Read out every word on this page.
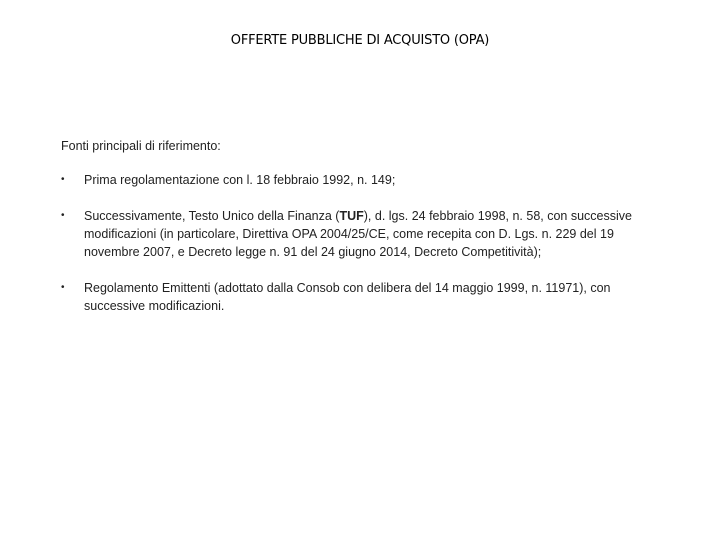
OFFERTE PUBBLICHE DI ACQUISTO (OPA)
Fonti principali di riferimento:
• Prima regolamentazione con l. 18 febbraio 1992, n. 149;
• Successivamente, Testo Unico della Finanza (TUF), d. lgs. 24 febbraio 1998, n. 58, con successive modificazioni (in particolare, Direttiva OPA 2004/25/CE, come recepita con D. Lgs. n. 229 del 19 novembre 2007, e Decreto legge n. 91 del 24 giugno 2014, Decreto Competitività);
• Regolamento Emittenti (adottato dalla Consob con delibera del 14 maggio 1999, n. 11971), con successive modificazioni.
